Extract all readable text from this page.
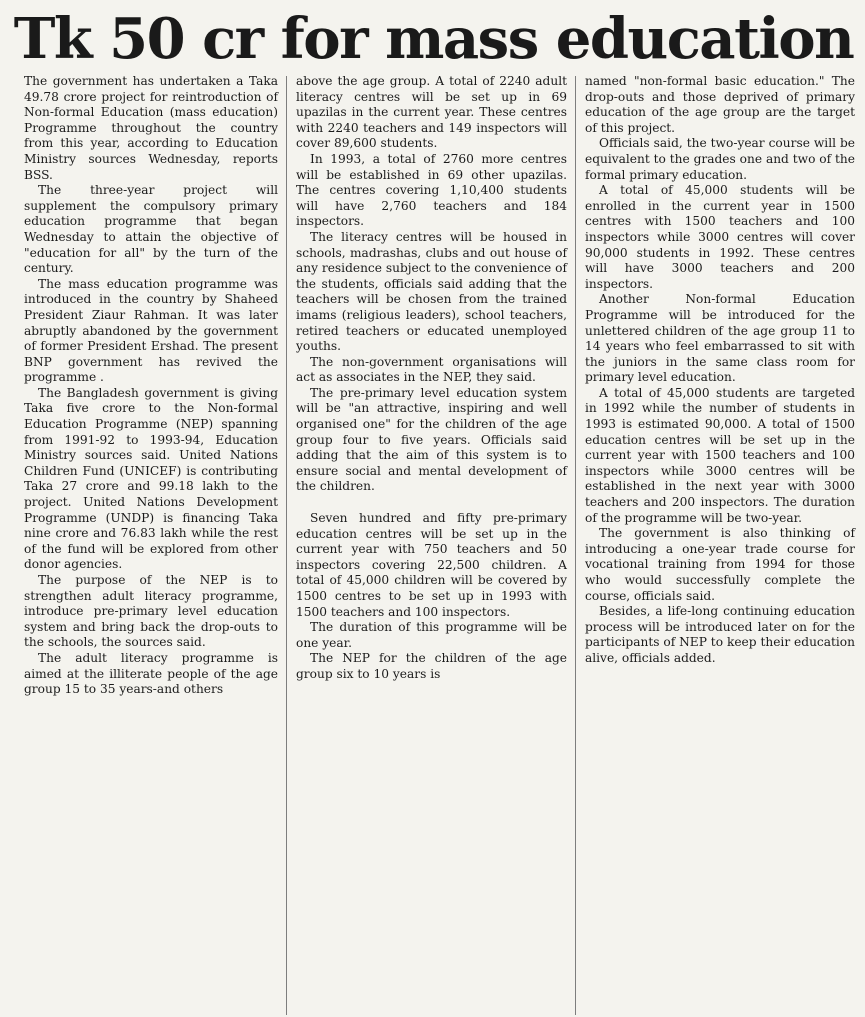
Tk 50 cr for mass education

The government has undertaken a Taka 49.78 crore project for reintroduction of Non-formal Education (mass education) Programme throughout the country from this year, according to Education Ministry sources Wednesday, reports BSS.

The three-year project will supplement the compulsory primary education programme that began Wednesday to attain the objective of "education for all" by the turn of the century.

The mass education programme was introduced in the country by Shaheed President Ziaur Rahman. It was later abruptly abandoned by the government of former President Ershad. The present BNP government has revived the programme .

The Bangladesh government is giving Taka five crore to the Non-formal Education Programme (NEP) spanning from 1991-92 to 1993-94, Education Ministry sources said. United Nations Children Fund (UNICEF) is contributing Taka 27 crore and 99.18 lakh to the project. United Nations Development Programme (UNDP) is financing Taka nine crore and 76.83 lakh while the rest of the fund will be explored from other donor agencies.

The purpose of the NEP is to strengthen adult literacy programme, introduce pre-primary level education system and bring back the drop-outs to the schools, the sources said.

The adult literacy programme is aimed at the illiterate people of the age group 15 to 35 years-and others

above the age group. A total of 2240 adult literacy centres will be set up in 69 upazilas in the current year. These centres with 2240 teachers and 149 inspectors will cover 89,600 students.

In 1993, a total of 2760 more centres will be established in 69 other upazilas. The centres covering 1,10,400 students will have 2,760 teachers and 184 inspectors.

The literacy centres will be housed in schools, madrashas, clubs and out house of any residence subject to the convenience of the students, officials said adding that the teachers will be chosen from the trained imams (religious leaders), school teachers, retired teachers or educated unemployed youths.

The non-government organisations will act as associates in the NEP, they said.

The pre-primary level education system will be "an attractive, inspiring and well organised one" for the children of the age group four to five years. Officials said adding that the aim of this system is to ensure social and mental development of the children.

Seven hundred and fifty pre-primary education centres will be set up in the current year with 750 teachers and 50 inspectors covering 22,500 children. A total of 45,000 children will be covered by 1500 centres to be set up in 1993 with 1500 teachers and 100 inspectors.

The duration of this programme will be one year.

The NEP for the children of the age group six to 10 years is

named "non-formal basic education." The drop-outs and those deprived of primary education of the age group are the target of this project.

Officials said, the two-year course will be equivalent to the grades one and two of the formal primary education.

A total of 45,000 students will be enrolled in the current year in 1500 centres with 1500 teachers and 100 inspectors while 3000 centres will cover 90,000 students in 1992. These centres will have 3000 teachers and 200 inspectors.

Another Non-formal Education Programme will be introduced for the unlettered children of the age group 11 to 14 years who feel embarrassed to sit with the juniors in the same class room for primary level education.

A total of 45,000 students are targeted in 1992 while the number of students in 1993 is estimated 90,000. A total of 1500 education centres will be set up in the current year with 1500 teachers and 100 inspectors while 3000 centres will be established in the next year with 3000 teachers and 200 inspectors. The duration of the programme will be two-year.

The government is also thinking of introducing a one-year trade course for vocational training from 1994 for those who would successfully complete the course, officials said.

Besides, a life-long continuing education process will be introduced later on for the participants of NEP to keep their education alive, officials added.
